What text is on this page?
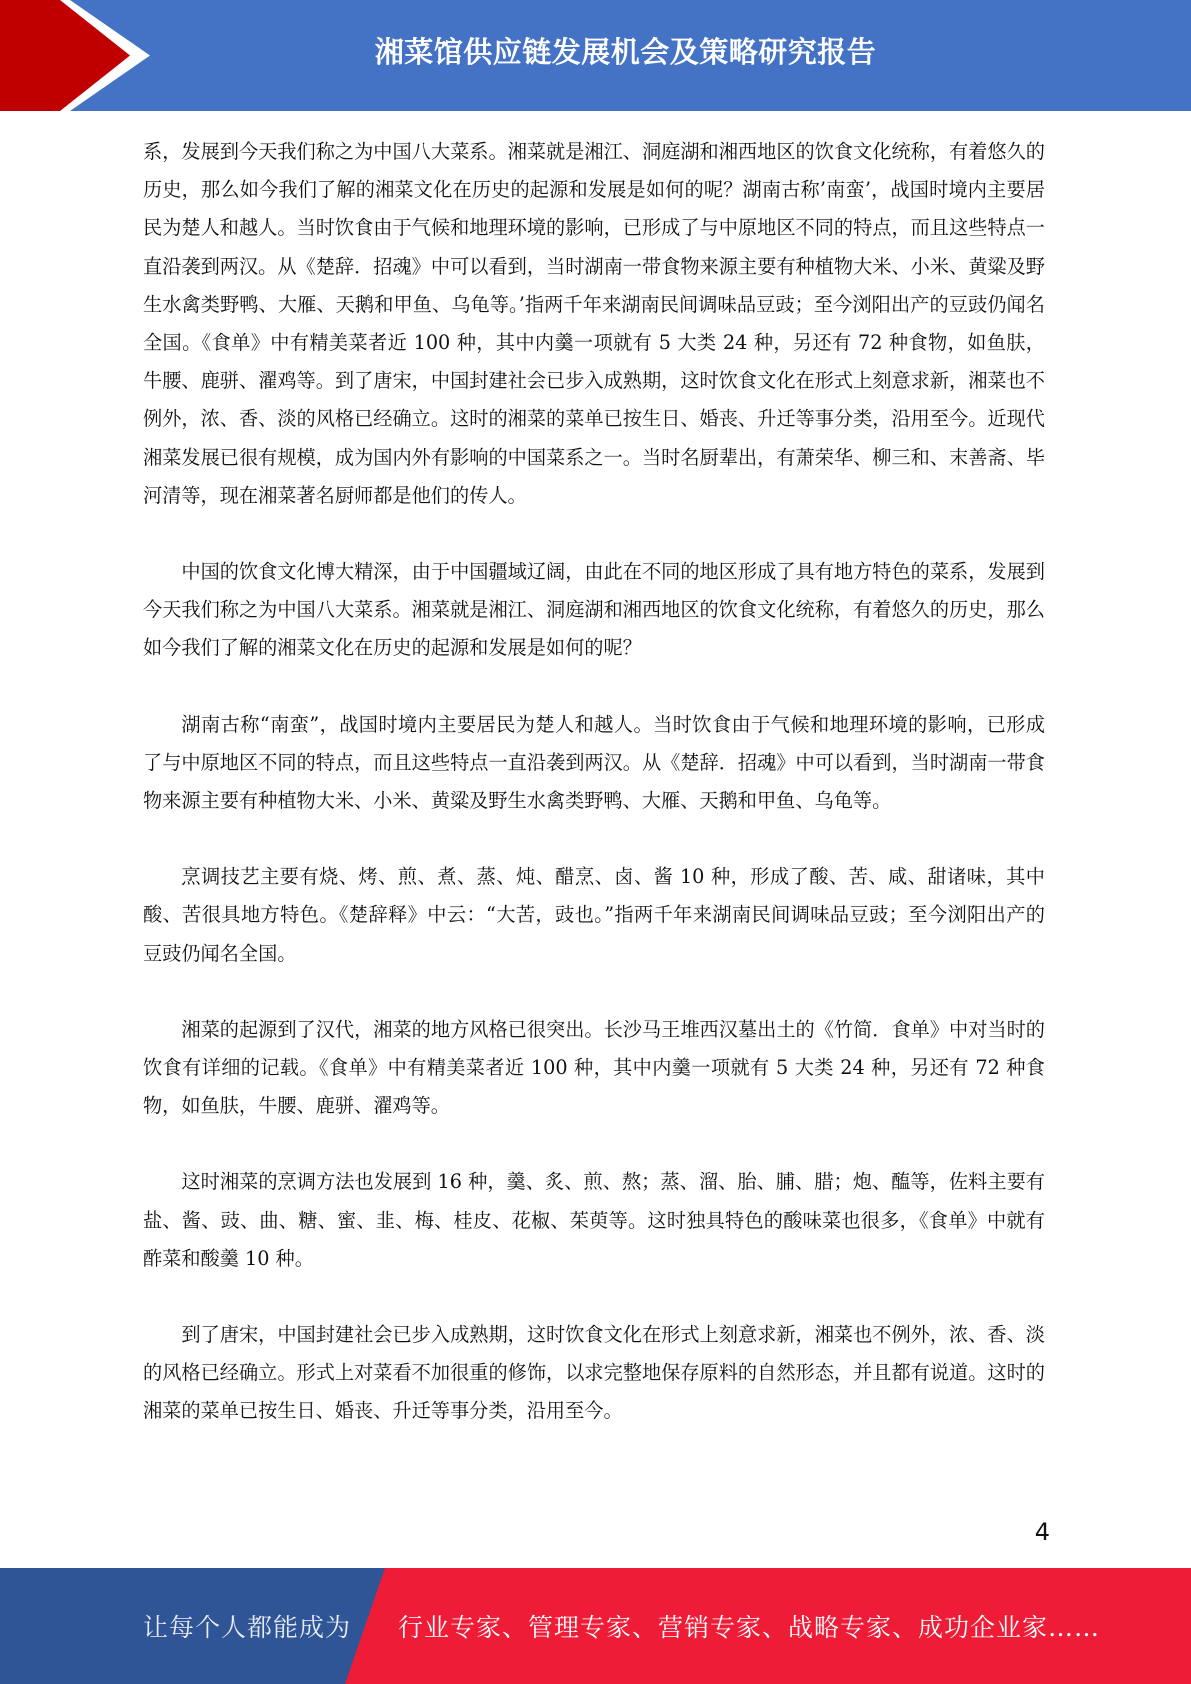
湘菜馆供应链发展机会及策略研究报告

系，发展到今天我们称之为中国八大菜系。湘菜就是湘江、洞庭湖和湘西地区的饮食文化统称，有着悠久的历史，那么如今我们了解的湘菜文化在历史的起源和发展是如何的呢？湖南古称’南蛮’，战国时境内主要居民为楚人和越人。当时饮食由于气候和地理环境的影响，已形成了与中原地区不同的特点，而且这些特点一直沿袭到两汉。从《楚辞．招魂》中可以看到，当时湖南一带食物来源主要有种植物大米、小米、黄粱及野生水禽类野鸭、大雁、天鹅和甲鱼、乌龟等。’指两千年来湖南民间调味品豆豉；至今浏阳出产的豆豉仍闻名全国。《食单》中有精美菜者近 100 种，其中内羹一项就有 5 大类 24 种，另还有 72 种食物，如鱼肤，牛腰、鹿骈、濯鸡等。到了唐宋，中国封建社会已步入成熟期，这时饮食文化在形式上刻意求新，湘菜也不例外，浓、香、淡的风格已经确立。这时的湘菜的菜单已按生日、婚丧、升迁等事分类，沿用至今。近现代湘菜发展已很有规模，成为国内外有影响的中国菜系之一。当时名厨辈出，有萧荣华、柳三和、末善斋、毕河清等，现在湘菜著名厨师都是他们的传人。

中国的饮食文化博大精深，由于中国疆域辽阔，由此在不同的地区形成了具有地方特色的菜系，发展到今天我们称之为中国八大菜系。湘菜就是湘江、洞庭湖和湘西地区的饮食文化统称，有着悠久的历史，那么如今我们了解的湘菜文化在历史的起源和发展是如何的呢？

湖南古称“南蛮”，战国时境内主要居民为楚人和越人。当时饮食由于气候和地理环境的影响，已形成了与中原地区不同的特点，而且这些特点一直沿袭到两汉。从《楚辞．招魂》中可以看到，当时湖南一带食物来源主要有种植物大米、小米、黄粱及野生水禽类野鸭、大雁、天鹅和甲鱼、乌龟等。

烹调技艺主要有烧、烤、煎、煮、蒸、炖、醋烹、卤、酱 10 种，形成了酸、苦、咸、甜诸味，其中酸、苦很具地方特色。《楚辞释》中云：“大苦，豉也。”指两千年来湖南民间调味品豆豉；至今浏阳出产的豆豉仍闻名全国。

湘菜的起源到了汉代，湘菜的地方风格已很突出。长沙马王堆西汉墓出土的《竹简．食单》中对当时的饮食有详细的记载。《食单》中有精美菜者近 100 种，其中内羹一项就有 5 大类 24 种，另还有 72 种食物，如鱼肤，牛腰、鹿骈、濯鸡等。

这时湘菜的烹调方法也发展到 16 种，羹、炙、煎、熬；蒸、溜、胎、脯、腊；炮、醢等，佐料主要有盐、酱、豉、曲、糖、蜜、韭、梅、桂皮、花椒、茱萸等。这时独具特色的酸味菜也很多，《食单》中就有酢菜和酸羹 10 种。

到了唐宋，中国封建社会已步入成熟期，这时饮食文化在形式上刻意求新，湘菜也不例外，浓、香、淡的风格已经确立。形式上对菜看不加很重的修饰，以求完整地保存原料的自然形态，并且都有说道。这时的湘菜的菜单已按生日、婚丧、升迁等事分类，沿用至今。

4
让每个人都能成为 行业专家、管理专家、营销专家、战略专家、成功企业家……
